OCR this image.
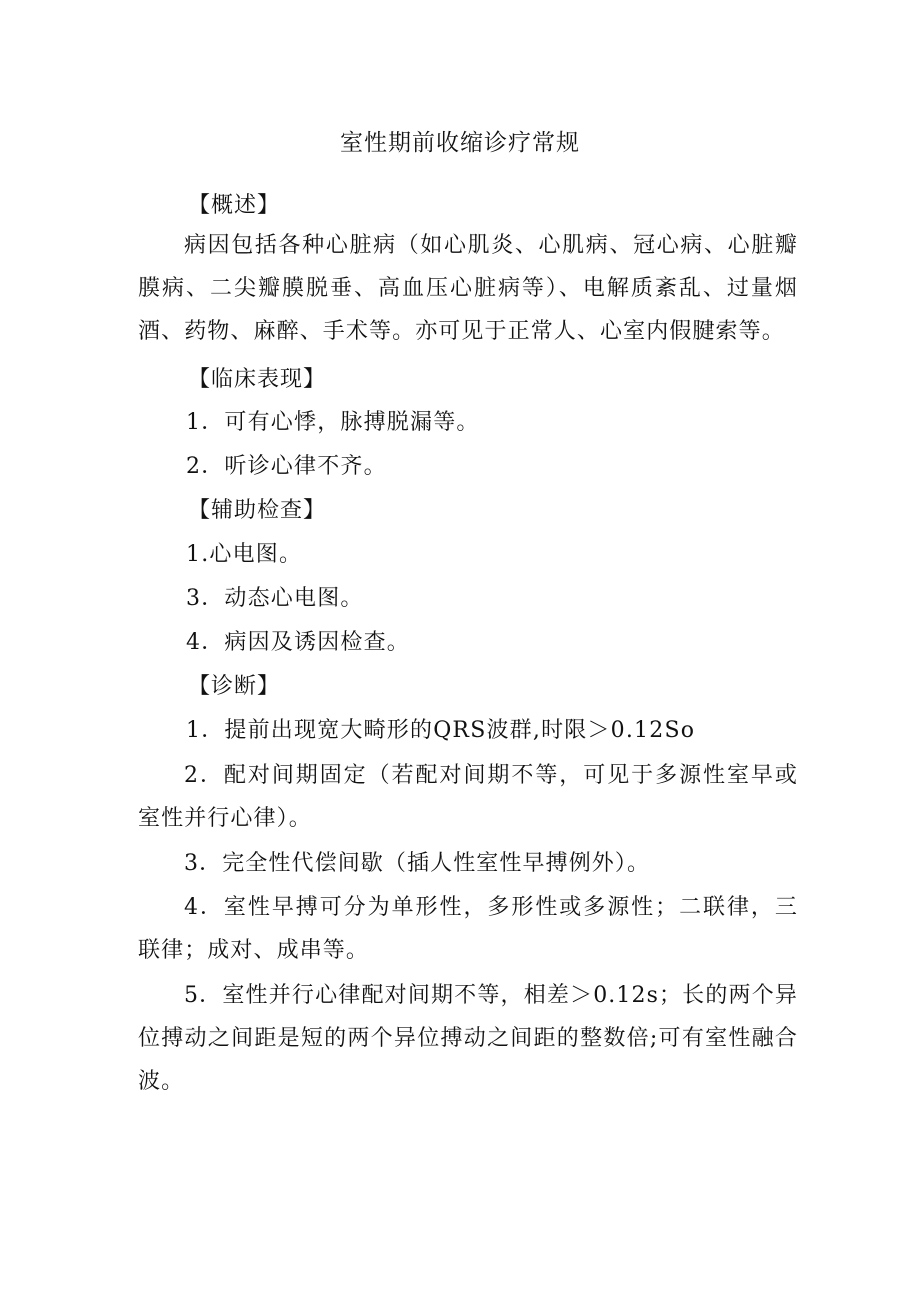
室性期前收缩诊疗常规
【概述】
病因包括各种心脏病（如心肌炎、心肌病、冠心病、心脏瓣膜病、二尖瓣膜脱垂、高血压心脏病等）、电解质紊乱、过量烟酒、药物、麻醉、手术等。亦可见于正常人、心室内假腱索等。
【临床表现】
1．可有心悸，脉搏脱漏等。
2．听诊心律不齐。
【辅助检查】
1.心电图。
3．动态心电图。
4．病因及诱因检查。
【诊断】
1．提前出现宽大畸形的QRS波群,时限＞0.12So
2．配对间期固定（若配对间期不等，可见于多源性室早或室性并行心律）。
3．完全性代偿间歇（插人性室性早搏例外）。
4．室性早搏可分为单形性，多形性或多源性；二联律，三联律；成对、成串等。
5．室性并行心律配对间期不等，相差＞0.12s；长的两个异位搏动之间距是短的两个异位搏动之间距的整数倍;可有室性融合波。
